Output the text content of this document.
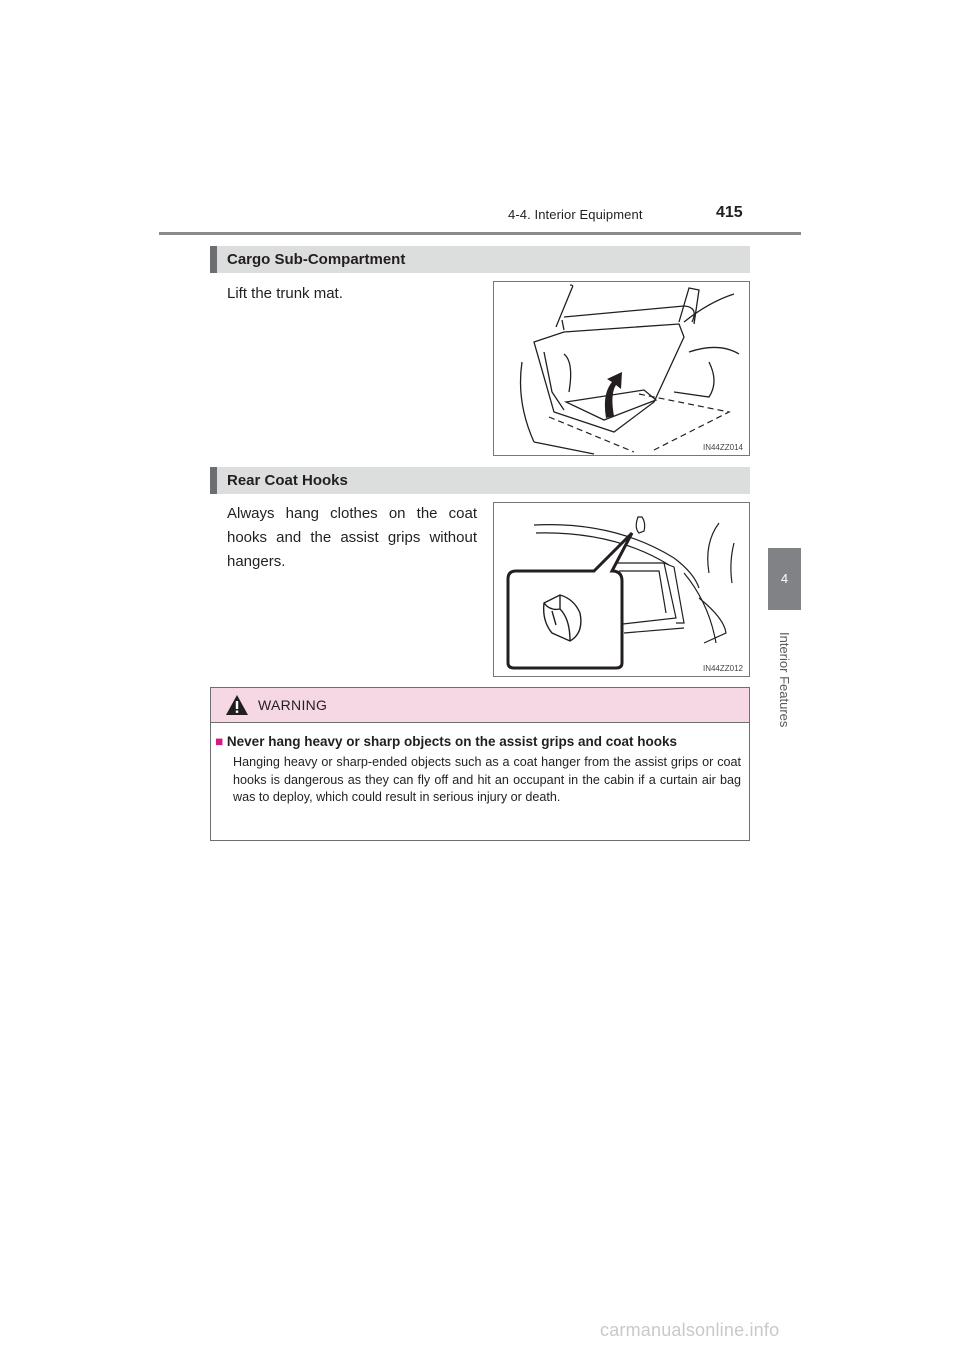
4-4. Interior Equipment	415
4
Interior Features
Cargo Sub-Compartment
Lift the trunk mat.
IN44ZZ014
Rear Coat Hooks
Always hang clothes on the coat hooks and the assist grips without hangers.
IN44ZZ012
WARNING
■ Never hang heavy or sharp objects on the assist grips and coat hooks
Hanging heavy or sharp-ended objects such as a coat hanger from the assist grips or coat hooks is dangerous as they can fly off and hit an occupant in the cabin if a curtain air bag was to deploy, which could result in serious injury or death.
carmanualsonline.info
